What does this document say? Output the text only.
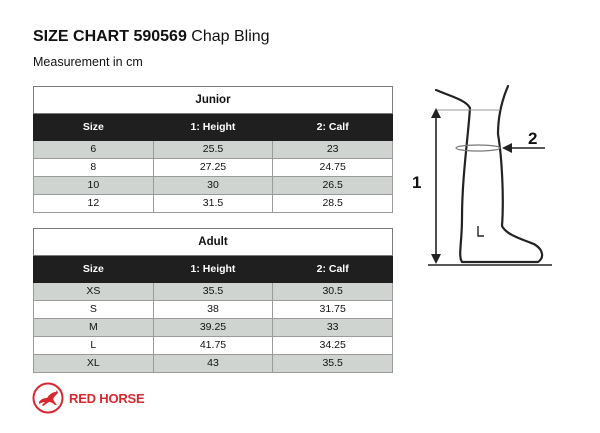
SIZE CHART 590569 Chap Bling
Measurement in cm
Junior		
Size	1: Height	2: Calf
6	25.5	23
8	27.25	24.75
10	30	26.5
12	31.5	28.5
Adult		
Size	1: Height	2: Calf
XS	35.5	30.5
S	38	31.75
M	39.25	33
L	41.75	34.25
XL	43	35.5
1
2
RED HORSE
